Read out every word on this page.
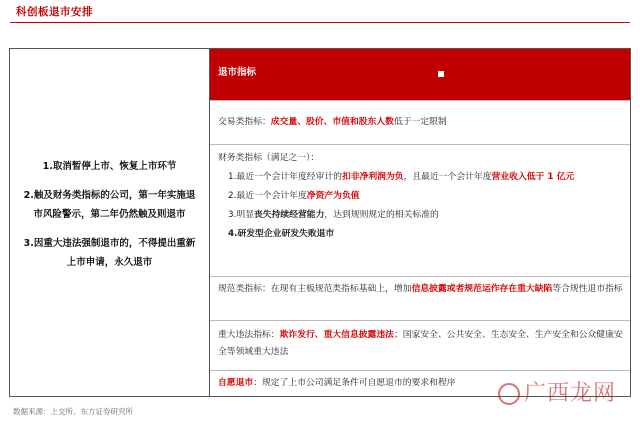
科创板退市安排
1.取消暂停上市、恢复上市环节
2.触及财务类指标的公司，第一年实施退市风险警示，第二年仍然触及则退市
3.因重大违法强制退市的，不得提出重新上市申请，永久退市
退市指标
交易类指标：成交量、股价、市值和股东人数低于一定限制
财务类指标（满足之一）：
1.最近一个会计年度经审计的扣非净利润为负，且最近一个会计年度营业收入低于 1 亿元
2.最近一个会计年度净资产为负值
3.明显丧失持续经营能力，达到规则规定的相关标准的
4.研发型企业研发失败退市
规范类指标：在现有主板规范类指标基础上，增加信息披露或者规范运作存在重大缺陷等合规性退市指标
重大违法指标：欺诈发行、重大信息披露违法；国家安全、公共安全、生态安全、生产安全和公众健康安全等领域重大违法
自愿退市：规定了上市公司满足条件可自愿退市的要求和程序
数据来源：上交所、东方证券研究所
广西龙网
